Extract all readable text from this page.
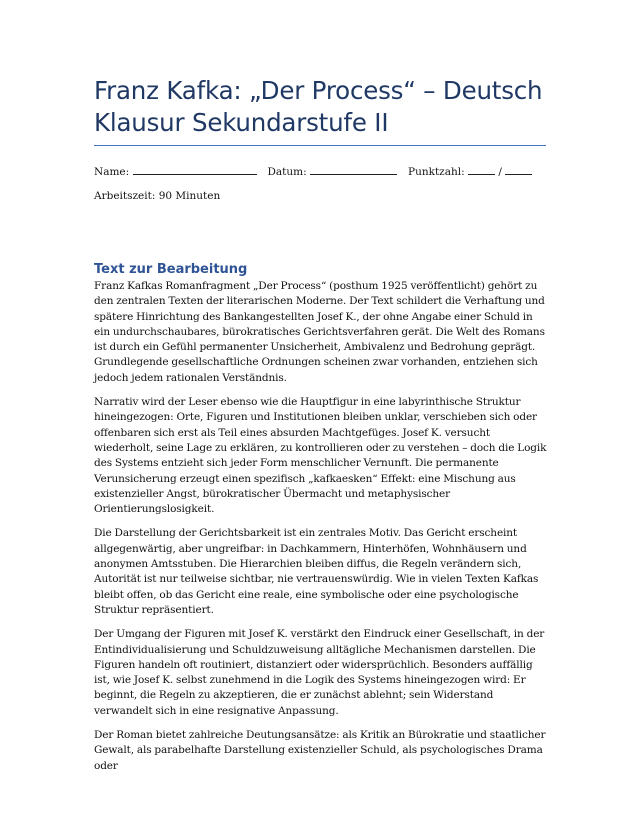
Franz Kafka: „Der Process“ – Deutsch
Klausur Sekundarstufe II
Name:	Datum:	Punktzahl:	/
Arbeitszeit: 90 Minuten
Text zur Bearbeitung

Franz Kafkas Romanfragment „Der Process“ (posthum 1925 veröffentlicht) gehört zu den zentralen Texten der literarischen Moderne. Der Text schildert die Verhaftung und spätere Hinrichtung des Bankangestellten Josef K., der ohne Angabe einer Schuld in ein undurchschaubares, bürokratisches Gerichtsverfahren gerät. Die Welt des Romans ist durch ein Gefühl permanenter Unsicherheit, Ambivalenz und Bedrohung geprägt. Grundlegende gesellschaftliche Ordnungen scheinen zwar vorhanden, entziehen sich jedoch jedem rationalen Verständnis.

Narrativ wird der Leser ebenso wie die Hauptfigur in eine labyrinthische Struktur hineingezogen: Orte, Figuren und Institutionen bleiben unklar, verschieben sich oder offenbaren sich erst als Teil eines absurden Machtgefüges. Josef K. versucht wiederholt, seine Lage zu erklären, zu kontrollieren oder zu verstehen – doch die Logik des Systems entzieht sich jeder Form menschlicher Vernunft. Die permanente Verunsicherung erzeugt einen spezifisch „kafkaesken“ Effekt: eine Mischung aus existenzieller Angst, bürokratischer Übermacht und metaphysischer Orientierungslosigkeit.

Die Darstellung der Gerichtsbarkeit ist ein zentrales Motiv. Das Gericht erscheint allgegenwärtig, aber ungreifbar: in Dachkammern, Hinterhöfen, Wohnhäusern und anonymen Amtsstuben. Die Hierarchien bleiben diffus, die Regeln verändern sich, Autorität ist nur teilweise sichtbar, nie vertrauenswürdig. Wie in vielen Texten Kafkas bleibt offen, ob das Gericht eine reale, eine symbolische oder eine psychologische Struktur repräsentiert.

Der Umgang der Figuren mit Josef K. verstärkt den Eindruck einer Gesellschaft, in der Entindividualisierung und Schuldzuweisung alltägliche Mechanismen darstellen. Die Figuren handeln oft routiniert, distanziert oder widersprüchlich. Besonders auffällig ist, wie Josef K. selbst zunehmend in die Logik des Systems hineingezogen wird: Er beginnt, die Regeln zu akzeptieren, die er zunächst ablehnt; sein Widerstand verwandelt sich in eine resignative Anpassung.

Der Roman bietet zahlreiche Deutungsansätze: als Kritik an Bürokratie und staatlicher Gewalt, als parabelhafte Darstellung existenzieller Schuld, als psychologisches Drama oder
